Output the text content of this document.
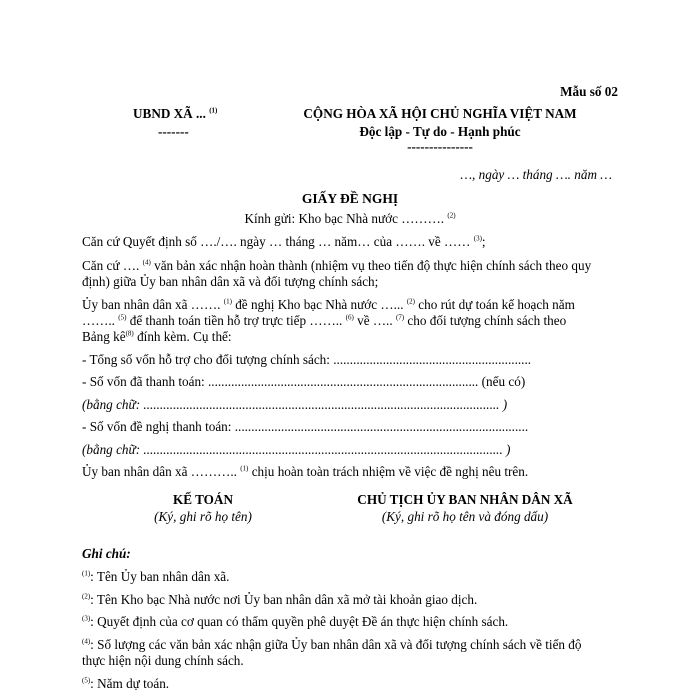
Mẫu số 02
UBND XÃ ... $^{(1)}$
-------
CỘNG HÒA XÃ HỘI CHỦ NGHĨA VIỆT NAM
Độc lập - Tự do - Hạnh phúc
---------------
…, ngày … tháng …. năm …
GIẤY ĐỀ NGHỊ
Kính gửi: Kho bạc Nhà nước ………. $^{(2)}$
Căn cứ Quyết định số …./…. ngày … tháng … năm… của ……. về …… $^{(3)}$;
Căn cứ …. $^{(4)}$ văn bản xác nhận hoàn thành (nhiệm vụ theo tiến độ thực hiện chính sách theo quy
định) giữa Ủy ban nhân dân xã và đối tượng chính sách;
Ủy ban nhân dân xã ……. $^{(1)}$ đề nghị Kho bạc Nhà nước …... $^{(2)}$ cho rút dự toán kế hoạch năm
…….. $^{(5)}$ để thanh toán tiền hỗ trợ trực tiếp …….. $^{(6)}$ về ….. $^{(7)}$ cho đối tượng chính sách theo
Bảng $kê^{(8)}$ đính kèm. Cụ thể:
- Tổng số vốn hỗ trợ cho đối tượng chính sách: ............................................................
- Số vốn đã thanh toán: .................................................................................. (nếu có)
(bằng chữ: ............................................................................................................ )
- Số vốn đề nghị thanh toán: .........................................................................................
(bằng chữ: ............................................................................................................. )
Ủy ban nhân dân xã ……….. $^{(1)}$ chịu hoàn toàn trách nhiệm về việc đề nghị nêu trên.
KẾ TOÁN
(Ký, ghi rõ họ tên)
CHỦ TỊCH ỦY BAN NHÂN DÂN XÃ
(Ký, ghi rõ họ tên và đóng dấu)
Ghi chú:
$^{(1)}$: Tên Ủy ban nhân dân xã.
$^{(2)}$: Tên Kho bạc Nhà nước nơi Ủy ban nhân dân xã mở tài khoản giao dịch.
$^{(3)}$: Quyết định của cơ quan có thẩm quyền phê duyệt Đề án thực hiện chính sách.
$^{(4)}$: Số lượng các văn bản xác nhận giữa Ủy ban nhân dân xã và đối tượng chính sách về tiến độ
thực hiện nội dung chính sách.
$^{(5)}$: Năm dự toán.
